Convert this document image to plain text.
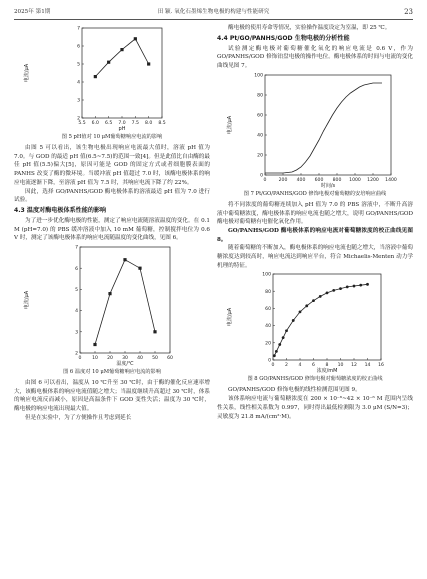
2025年 第1期	田 颖. 氧化石墨烯生物电极的构建与性能研究	23
5.5 6.0 6.5 7.0 7.5 8.0 8.5
2
3
4
5
6
7
pH
电流/μA
图 5 pH值对 10 μM葡萄糖响应电流的影响

由图 5 可以看出，该生物电极出现响应电流最大值时，溶液 pH 值为 7.0。与 GOD 的最适 pH 值(6.5~7.5)的范围一致[4]。但是此值比自由酶的最佳 pH 值(5.5)偏大[5]，原因可能是 GOD 的固定方式或者细胞膜表面的 PANHS 改变了酶的微环境。当缓冲液 pH 值超过 7.0 时，该酶电极体系的响应电流逐渐下降，至溶液 pH 值为 7.5 时，其响应电流下降了约 22%。

因此，选择 GO/PANHS/GOD 酶电极体系的溶液最适 pH 值为 7.0 进行试验。

4.3 温度对酶电极体系性能的影响

为了进一步优化酶电极的性能，测定了响应电流随溶液温度的变化。在 0.1 M (pH=7.0) 的 PBS 缓冲溶液中加入 10 mM 葡萄糖，控制搅拌电位为 0.6 V 时，测定了该酶电极体系的响应电流随温度的变化曲线，见图 6。

0 10 20 30 40 50 60
2
3
4
5
6
7
温度/℃
电流/μA
图 6 温度对 10 μM葡萄糖响应电流的影响

由图 6 可以看出，温度从 10 ℃升至 30 ℃时，由于酶的催化反应速率增大，该酶电极体系的响应电流值随之增大；当温度继续升高超过 30 ℃时，体系的响应电流反而减小，原因是高温条件下 GOD 变性失活；温度为 30 ℃时，酶电极的响应电流出现最大值。

但是在实验中，为了方便操作且考虑到延长

酶电极的使用寿命等情况，实验操作温度设定为室温，即 25 ℃。

4.4 Pt/GO/PANHS/GOD 生物电极的分析性能

试验测定酶电极对葡萄糖催化氧化的响应电流是 0.6 V，作为 GO/PANHS/GOD 修饰铂盘电极的操作电位。酶电极体系的时间与电流的变化曲线见图 7。

0	200 400 600 800 1000 1200 1400
0
20
40
60
80
100
时间/s
电流/μA
图 7 Pt/GO/PANHS/GOD 修饰电极对葡萄糖的安培响应曲线

将不同浓度的葡萄糖连续加入 pH 值为 7.0 的 PBS 溶液中，不断升高溶液中葡萄糖浓度，酶电极体系的响应电流也随之增大，说明 GO/PANHS/GOD 酶电极对葡萄糖有电催化氧化作用。

GO/PANHS/GOD 酶电极体系的响应电流对葡萄糖浓度的校正曲线见图 8。

随着葡萄糖的不断加入，酶电极体系的响应电流也随之增大，当溶液中葡萄糖浓度达到较高时，响应电流达到响应平台，符合 Michaelis-Menten 动力学机理的特征。

0 2 4 6 8 10 12 14 16
0
20
40
60
80
100
浓度/mM
电流/μA
图 8 GO/PANHS/GOD 修饰电极对葡萄糖浓度的校正曲线

GO/PANHS/GOD 修饰电极的线性检测范围见图 9。

该体系响应电流与葡萄糖浓度在 200 × 10⁻⁶~42 × 10⁻⁶ M 范围内呈线性关系，线性相关系数为 0.997，同时得出最低检测限为 3.0 μM (S/N=3)；灵敏度为 21.8 mA/(cm²·M)。
